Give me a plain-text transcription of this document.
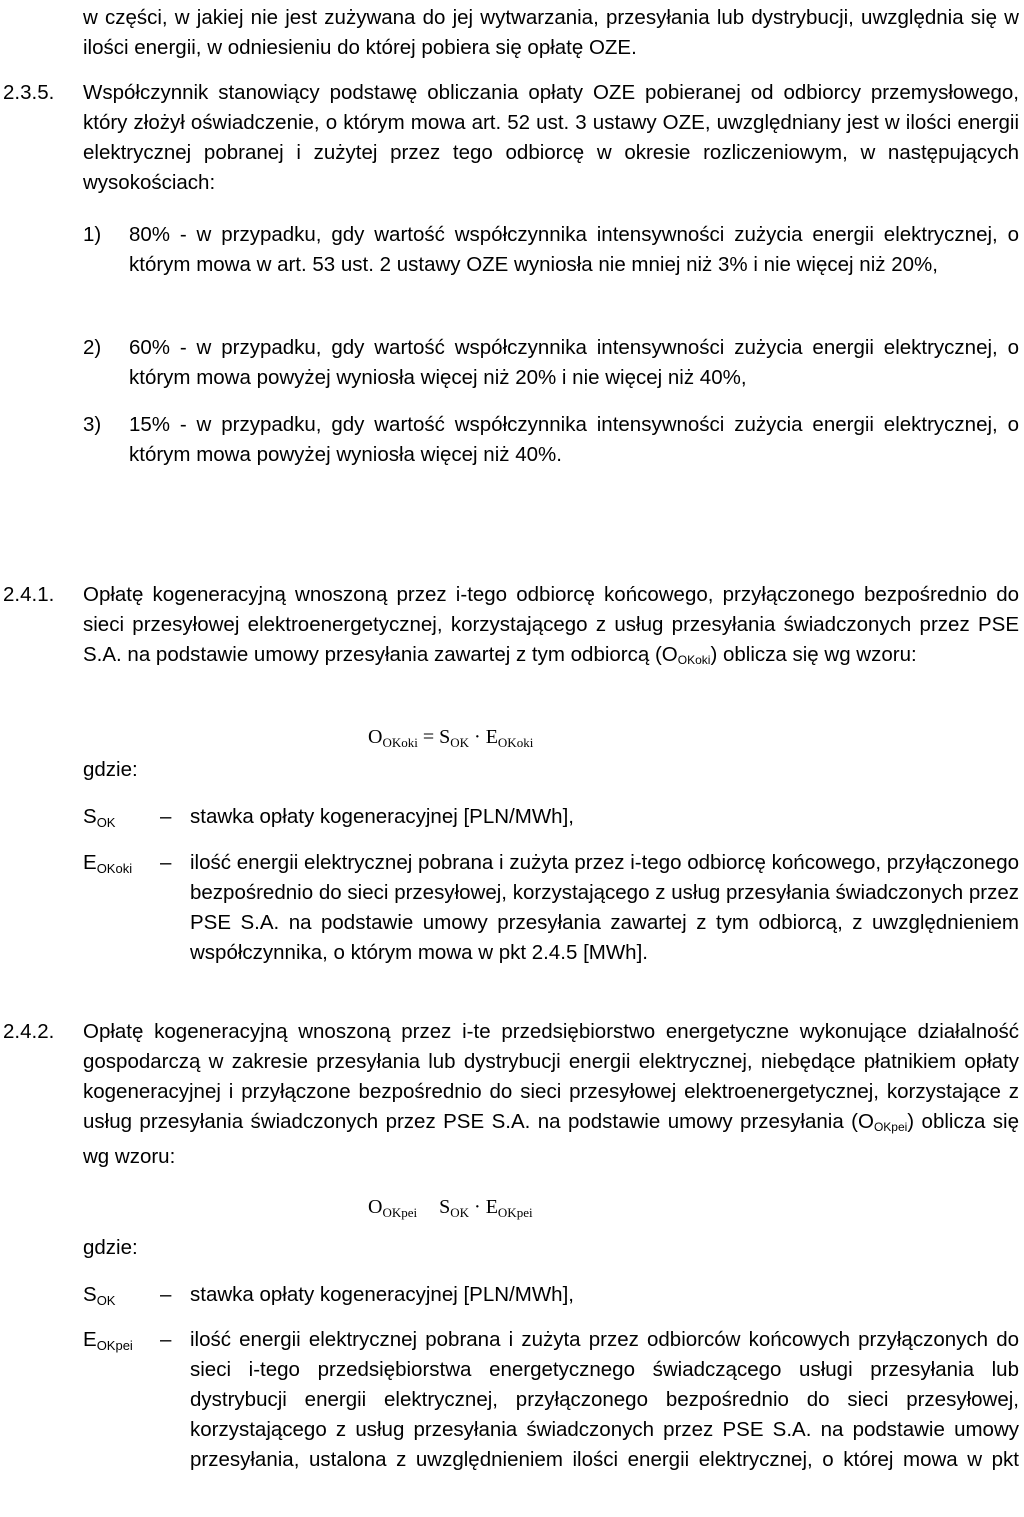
w części, w jakiej nie jest zużywana do jej wytwarzania, przesyłania lub dystrybucji, uwzględnia się w ilości energii, w odniesieniu do której pobiera się opłatę OZE.

2.3.5. Współczynnik stanowiący podstawę obliczania opłaty OZE pobieranej od odbiorcy przemysłowego, który złożył oświadczenie, o którym mowa art. 52 ust. 3 ustawy OZE, uwzględniany jest w ilości energii elektrycznej pobranej i zużytej przez tego odbiorcę w okresie rozliczeniowym, w następujących wysokościach:

1) 80% - w przypadku, gdy wartość współczynnika intensywności zużycia energii elektrycznej, o którym mowa w art. 53 ust. 2 ustawy OZE wyniosła nie mniej niż 3% i nie więcej niż 20%,

2) 60% - w przypadku, gdy wartość współczynnika intensywności zużycia energii elektrycznej, o którym mowa powyżej wyniosła więcej niż 20% i nie więcej niż 40%,

3) 15% - w przypadku, gdy wartość współczynnika intensywności zużycia energii elektrycznej, o którym mowa powyżej wyniosła więcej niż 40%.

2.4.1. Opłatę kogeneracyjną wnoszoną przez i-tego odbiorcę końcowego, przyłączonego bezpośrednio do sieci przesyłowej elektroenergetycznej, korzystającego z usług przesyłania świadczonych przez PSE S.A. na podstawie umowy przesyłania zawartej z tym odbiorcą $(O_{OKoki})$ oblicza się wg wzoru:

$O_{OKoki} = S_{OK} \cdot E_{OKoki}$
gdzie:
$S_{OK}$ – stawka opłaty kogeneracyjnej [PLN/MWh],

$E_{OKoki}$ – ilość energii elektrycznej pobrana i zużyta przez i-tego odbiorcę końcowego, przyłączonego bezpośrednio do sieci przesyłowej, korzystającego z usług przesyłania świadczonych przez PSE S.A. na podstawie umowy przesyłania zawartej z tym odbiorcą, z uwzględnieniem współczynnika, o którym mowa w pkt 2.4.5 [MWh].

2.4.2. Opłatę kogeneracyjną wnoszoną przez i-te przedsiębiorstwo energetyczne wykonujące działalność gospodarczą w zakresie przesyłania lub dystrybucji energii elektrycznej, niebędące płatnikiem opłaty kogeneracyjnej i przyłączone bezpośrednio do sieci przesyłowej elektroenergetycznej, korzystające z usług przesyłania świadczonych przez PSE S.A. na podstawie umowy przesyłania $(O_{OKpei})$ oblicza się wg wzoru:

$O_{OKpei}$ $S_{OK} \cdot E_{OKpei}$
gdzie:
$S_{OK}$ – stawka opłaty kogeneracyjnej [PLN/MWh],

$E_{OKpei}$ – ilość energii elektrycznej pobrana i zużyta przez odbiorców końcowych przyłączonych do sieci i-tego przedsiębiorstwa energetycznego świadczącego usługi przesyłania lub dystrybucji energii elektrycznej, przyłączonego bezpośrednio do sieci przesyłowej, korzystającego z usług przesyłania świadczonych przez PSE S.A. na podstawie umowy przesyłania, ustalona z uwzględnieniem ilości energii elektrycznej, o której mowa w pkt
